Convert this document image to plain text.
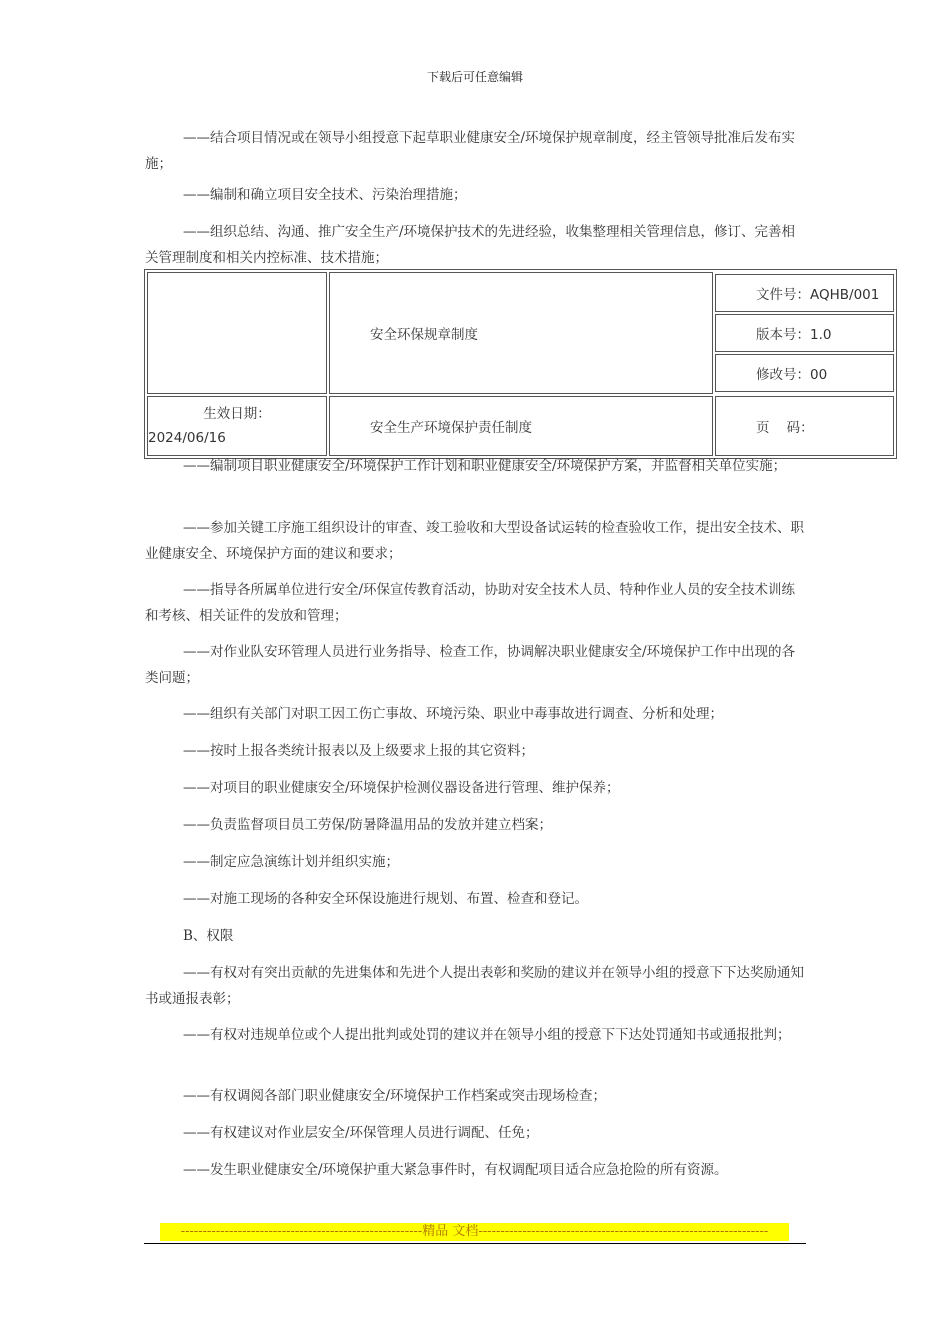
下载后可任意编辑

——结合项目情况或在领导小组授意下起草职业健康安全/环境保护规章制度，经主管领导批准后发布实施；

——编制和确立项目安全技术、污染治理措施；

——组织总结、沟通、推广安全生产/环境保护技术的先进经验，收集整理相关管理信息，修订、完善相关管理制度和相关内控标准、技术措施；

	安全环保规章制度	
文件号：AQHB/001
版本号：1.0
修改号：00

生效日期：
2024/06/16
	安全生产环境保护责任制度	页    码：

——编制项目职业健康安全/环境保护工作计划和职业健康安全/环境保护方案，并监督相关单位实施；

——参加关键工序施工组织设计的审查、竣工验收和大型设备试运转的检查验收工作，提出安全技术、职业健康安全、环境保护方面的建议和要求；

——指导各所属单位进行安全/环保宣传教育活动，协助对安全技术人员、特种作业人员的安全技术训练和考核、相关证件的发放和管理；

——对作业队安环管理人员进行业务指导、检查工作，协调解决职业健康安全/环境保护工作中出现的各类问题；

——组织有关部门对职工因工伤亡事故、环境污染、职业中毒事故进行调查、分析和处理；

——按时上报各类统计报表以及上级要求上报的其它资料；

——对项目的职业健康安全/环境保护检测仪器设备进行管理、维护保养；

——负责监督项目员工劳保/防暑降温用品的发放并建立档案；

——制定应急演练计划并组织实施；

——对施工现场的各种安全环保设施进行规划、布置、检查和登记。

B、权限

——有权对有突出贡献的先进集体和先进个人提出表彰和奖励的建议并在领导小组的授意下下达奖励通知书或通报表彰；

——有权对违规单位或个人提出批判或处罚的建议并在领导小组的授意下下达处罚通知书或通报批判；

——有权调阅各部门职业健康安全/环境保护工作档案或突击现场检查；

——有权建议对作业层安全/环保管理人员进行调配、任免；

——发生职业健康安全/环境保护重大紧急事件时，有权调配项目适合应急抢险的所有资源。

-------------------------------------------------------精品 文档------------------------------------------------------------------
